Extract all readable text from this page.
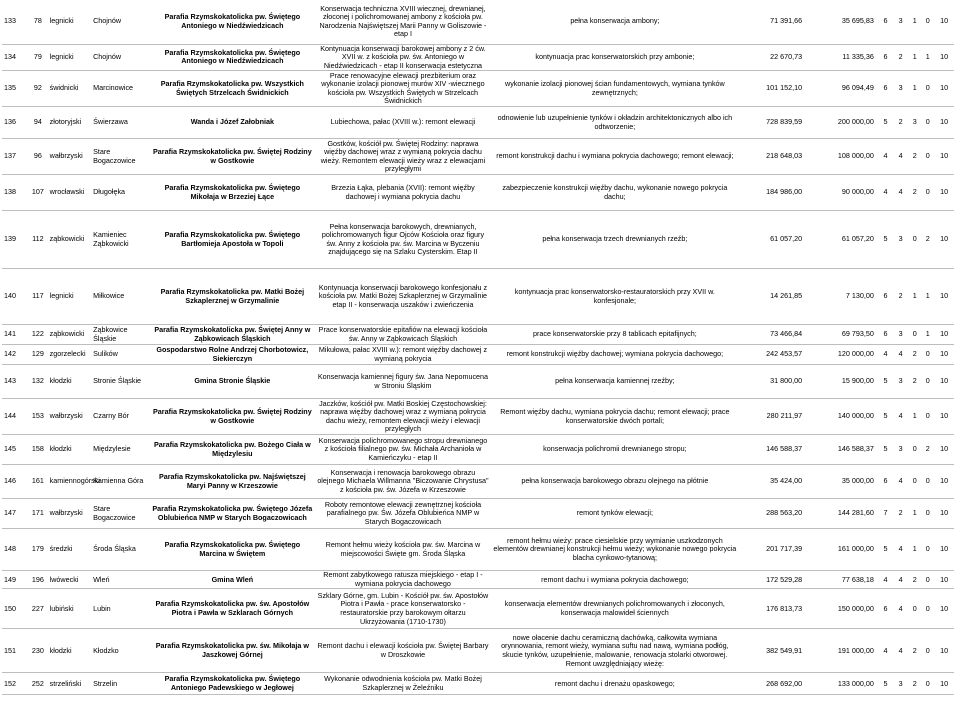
133	78	legnicki	Chojnów	Parafia Rzymskokatolicka pw. Świętego Antoniego w Niedźwiedzicach	Konserwacja techniczna XVIII wiecznej, drewnianej, złoconej i polichromowanej ambony z kościoła pw. Narodzenia Najświętszej Marii Panny w Goliszowie - etap I	pełna konserwacja ambony;	71 391,66	35 695,83	6	3	1	0	10
134	79	legnicki	Chojnów	Parafia Rzymskokatolicka pw. Świętego Antoniego w Niedźwiedzicach	Kontynuacja konserwacji barokowej ambony z 2 ćw. XVII w. z kościoła pw. św. Antoniego w Niedźwiedzicach - etap II konserwacja estetyczna	kontynuacja prac konserwatorskich przy ambonie;	22 670,73	11 335,36	6	2	1	1	10
135	92	świdnicki	Marcinowice	Parafia Rzymskokatolicka pw. Wszystkich Świętych Strzelcach Świdnickich	Prace renowacyjne elewacji prezbiterium oraz wykonanie izolacji pionowej murów XIV -wiecznego kościoła pw. Wszystkich Świętych w Strzelcach Świdnickich	wykonanie izolacji pionowej ścian fundamentowych, wymiana tynków zewnętrznych;	101 152,10	96 094,49	6	3	1	0	10
136	94	złotoryjski	Świerzawa	Wanda i Józef Załobniak	Lubiechowa, pałac (XVIII w.): remont elewacji	odnowienie lub uzupełnienie tynków i okładzin architektonicznych albo ich odtworzenie;	728 839,59	200 000,00	5	2	3	0	10
137	96	wałbrzyski	Stare Bogaczowice	Parafia Rzymskokatolicka pw. Świętej Rodziny w Gostkowie	Gostków, kościół pw. Świętej Rodziny: naprawa więźby dachowej wraz z wymianą pokrycia dachu wieży. Remontem elewacji wieży wraz z elewacjami przyległymi	remont konstrukcji dachu i wymiana pokrycia dachowego; remont elewacji;	218 648,03	108 000,00	4	4	2	0	10
138	107	wrocławski	Długołęka	Parafia Rzymskokatolicka pw. Świętego Mikołaja w Brzeziej Łące	Brzezia Łąka, plebania (XVII): remont więźby dachowej i wymiana pokrycia dachu	zabezpieczenie konstrukcji więźby dachu, wykonanie nowego pokrycia dachu;	184 986,00	90 000,00	4	4	2	0	10
139	112	ząbkowicki	Kamieniec Ząbkowicki	Parafia Rzymskokatolicka pw. Świętego Bartłomieja Apostoła w Topoli	Pełna konserwacja barokowych, drewnianych, polichromowanych figur Ojców Kościoła oraz figury św. Anny z kościoła pw. św. Marcina w Byczeniu znajdującego się na Szlaku Cysterskim. Etap II	pełna konserwacja trzech drewnianych rzeźb;	61 057,20	61 057,20	5	3	0	2	10
140	117	legnicki	Miłkowice	Parafia Rzymskokatolicka pw. Matki Bożej Szkaplerznej w Grzymalinie	Kontynuacja konserwacji barokowego konfesjonału z kościoła pw. Matki Bożej Szkaplerznej w Grzymalinie etap II - konserwacja uszaków i zwieńczenia	kontynuacja prac konserwatorsko-restauratorskich przy XVII w. konfesjonale;	14 261,85	7 130,00	6	2	1	1	10
141	122	ząbkowicki	Ząbkowice Śląskie	Parafia Rzymskokatolicka pw. Świętej Anny w Ząbkowicach Śląskich	Prace konserwatorskie epitafiów na elewacji kościoła św. Anny w Ząbkowicach Śląskich	prace konserwatorskie przy 8 tablicach epitafijnych;	73 466,84	69 793,50	6	3	0	1	10
142	129	zgorzelecki	Sulików	Gospodarstwo Rolne Andrzej Chorbotowicz, Siekierczyn	Mikułowa, pałac XVIII w.): remont więźby dachowej z wymianą pokrycia	remont konstrukcji więźby dachowej; wymiana pokrycia dachowego;	242 453,57	120 000,00	4	4	2	0	10
143	132	kłodzki	Stronie Śląskie	Gmina Stronie Śląskie	Konserwacja kamiennej figury św. Jana Nepomucena w Stroniu Śląskim	pełna konserwacja kamiennej rzeźby;	31 800,00	15 900,00	5	3	2	0	10
144	153	wałbrzyski	Czarny Bór	Parafia Rzymskokatolicka pw. Świętej Rodziny w Gostkowie	Jaczków, kościół pw. Matki Boskiej Częstochowskiej: naprawa więźby dachowej wraz z wymianą pokrycia dachu wieży, remontem elewacji wieży i elewacji przyległych	Remont więźby dachu, wymiana pokrycia dachu; remont elewacji; prace konserwatorskie dwóch portali;	280 211,97	140 000,00	5	4	1	0	10
145	158	kłodzki	Międzylesie	Parafia Rzymskokatolicka pw. Bożego Ciała w Międzylesiu	Konserwacja polichromowanego stropu drewnianego z kościoła filialnego pw. św. Michała Archanioła w Kamieńczyku - etap II	konserwacja polichromii drewnianego stropu;	146 588,37	146 588,37	5	3	0	2	10
146	161	kamiennogórski	Kamienna Góra	Parafia Rzymskokatolicka pw. Najświętszej Maryi Panny w Krzeszowie	Konserwacja i renowacja barokowego obrazu olejnego Michaela Willmanna "Biczowanie Chrystusa" z kościoła pw. św. Józefa w Krzeszowie	pełna konserwacja barokowego obrazu olejnego na płótnie	35 424,00	35 000,00	6	4	0	0	10
147	171	wałbrzyski	Stare Bogaczowice	Parafia Rzymskokatolicka pw. Świętego Józefa Oblubieńca NMP w Starych Bogaczowicach	Roboty remontowe elewacji zewnętrznej kościoła parafialnego pw. Św. Józefa Oblubieńca NMP w Starych Bogaczowicach	remont tynków elewacji;	288 563,20	144 281,60	7	2	1	0	10
148	179	średzki	Środa Śląska	Parafia Rzymskokatolicka pw. Świętego Marcina w Świętem	Remont hełmu wieży kościoła pw. św. Marcina w miejscowości Święte gm. Środa Śląska	remont hełmu wieży: prace ciesielskie przy wymianie uszkodzonych elementów drewnianej konstrukcji hełmu wieży; wykonanie nowego pokrycia blacha cynkowo-tytanową;	201 717,39	161 000,00	5	4	1	0	10
149	196	lwówecki	Wleń	Gmina Wleń	Remont zabytkowego ratusza miejskiego - etap I - wymiana pokrycia dachowego	remont dachu i wymiana pokrycia dachowego;	172 529,28	77 638,18	4	4	2	0	10
150	227	lubiński	Lubin	Parafia Rzymskokatolicka pw. św. Apostołów Piotra i Pawła w Szklarach Górnych	Szklary Górne, gm. Lubin - Kościół pw. św. Apostołów Piotra i Pawła - prace konserwatorsko - restauratorskie przy barokowym ołtarzu Ukrzyżowania (1710-1730)	konserwacja elementów drewnianych polichromowanych i złoconych, konserwacja malowideł ściennych	176 813,73	150 000,00	6	4	0	0	10
151	230	kłodzki	Kłodzko	Parafia Rzymskokatolicka pw. św. Mikołaja w Jaszkowej Górnej	Remont dachu i elewacji kościoła pw. Świętej Barbary w Droszkowie	nowe ołacenie dachu ceramiczną dachówką, całkowita wymiana orynnowania, remont wieży, wymiana suftu nad nawą, wymiana podłóg, skucie tynków, uzupełnienie, malowanie, renowacja stolarki otworowej. Remont uwzględniający wieżę:	382 549,91	191 000,00	4	4	2	0	10
152	252	strzeliński	Strzelin	Parafia Rzymskokatolicka pw. Świętego Antoniego Padewskiego w Jegłowej	Wykonanie odwodnienia kościoła pw. Matki Bożej Szkaplerznej w Żeleźniku	remont dachu i drenażu opaskowego;	268 692,00	133 000,00	5	3	2	0	10
